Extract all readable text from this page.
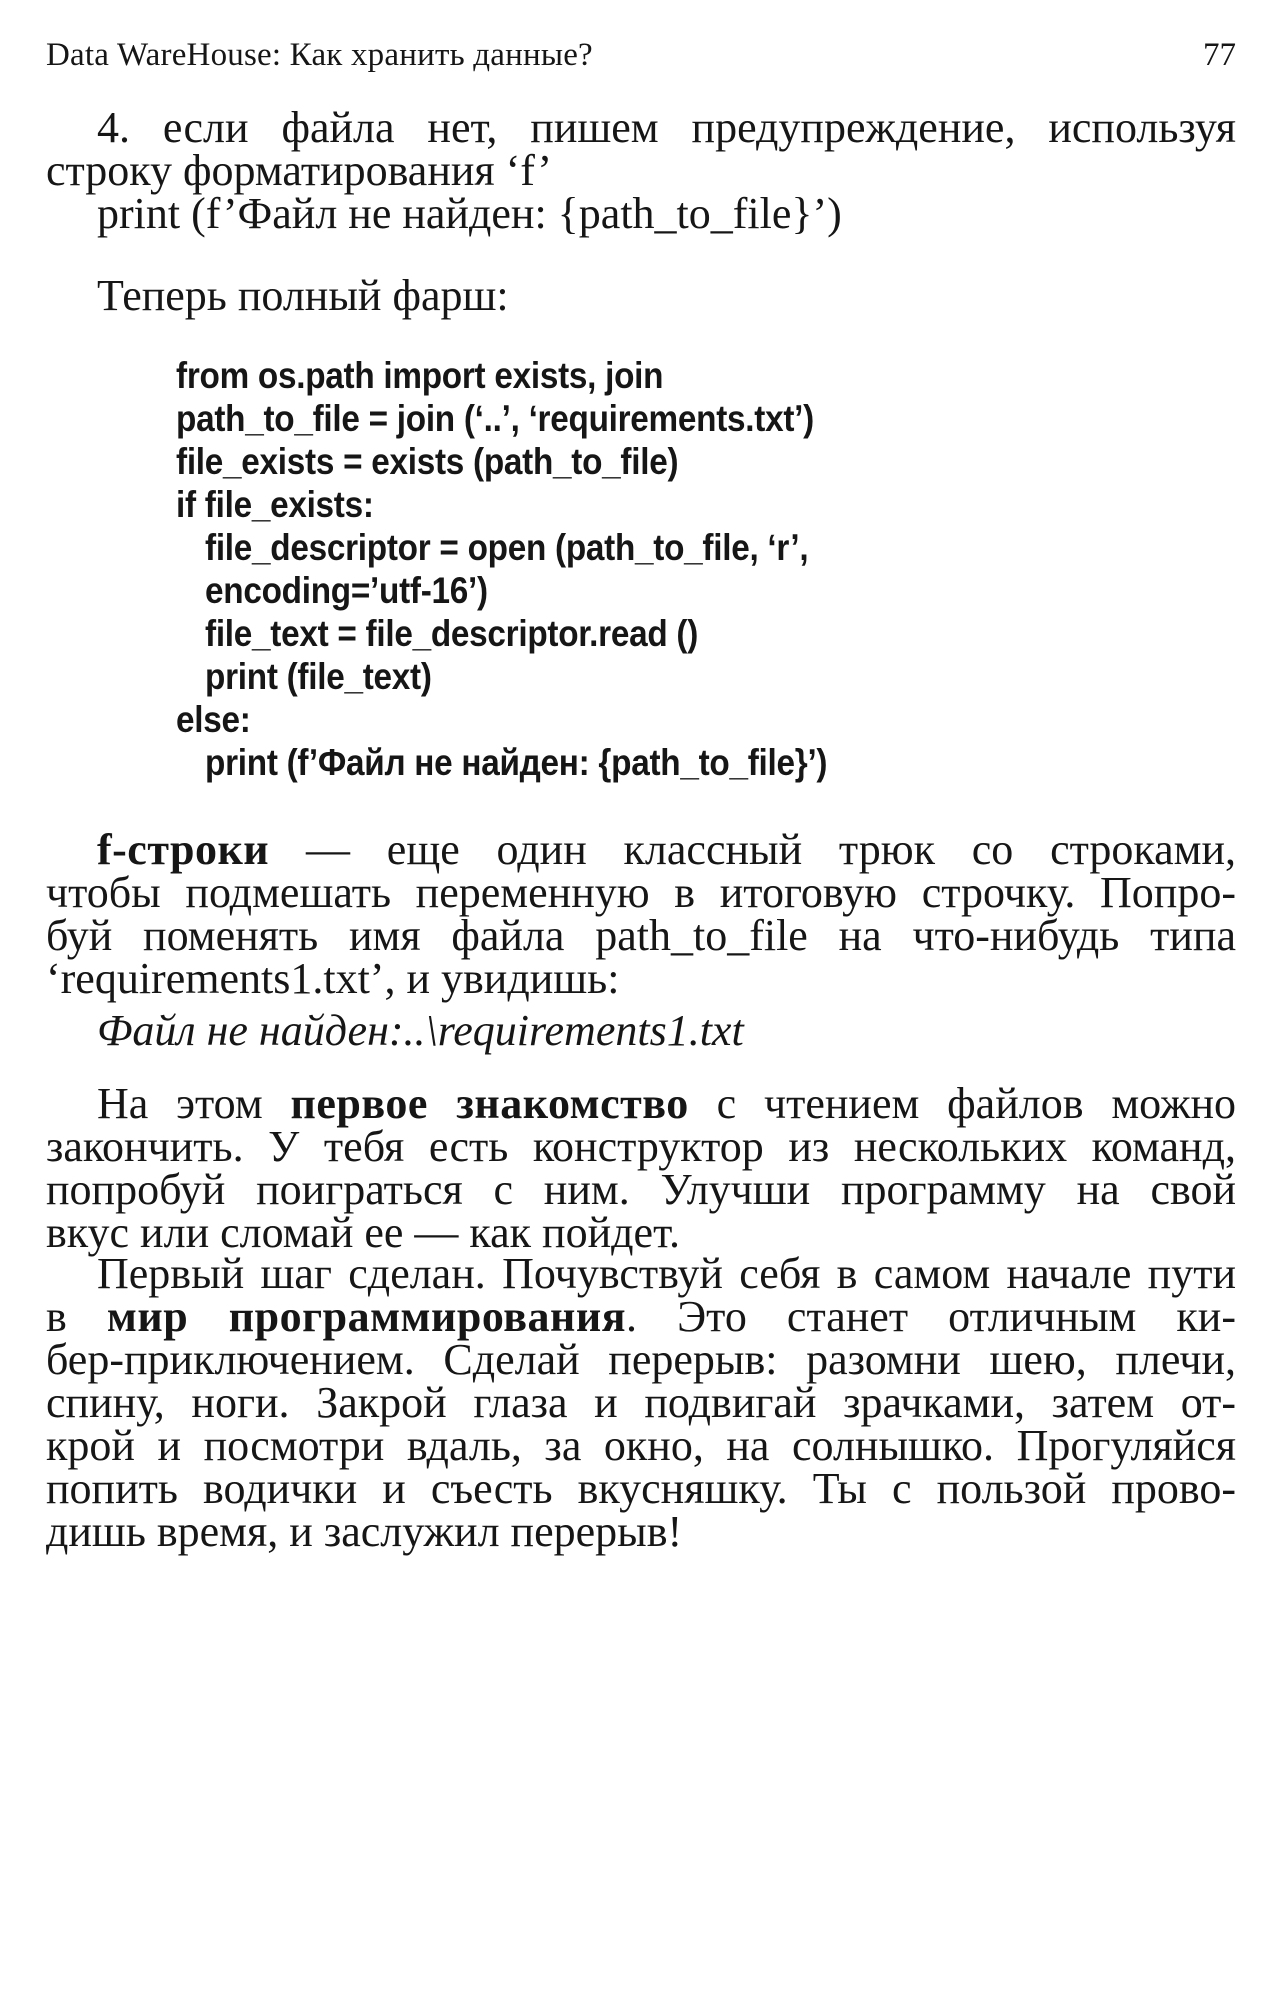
Data WareHouse: Как хранить данные?	77
4. если файла нет, пишем предупреждение, используя
строку форматирования ‘f’
print (f’Файл не найден: {path_to_file}’)
Теперь полный фарш:
from os.path import exists, join
path_to_file = join (‘..’, ‘requirements.txt’)
file_exists = exists (path_to_file)
if file_exists:
file_descriptor = open (path_to_file, ‘r’,
encoding=’utf-16’)
file_text = file_descriptor.read ()
print (file_text)
else:
print (f’Файл не найден: {path_to_file}’)
f-строки — еще один классный трюк со строками,
чтобы подмешать переменную в итоговую строчку. Попро-
буй поменять имя файла path_to_file на что-нибудь типа
‘requirements1.txt’, и увидишь:
Файл не найден:..\requirements1.txt
На этом первое знакомство с чтением файлов можно
закончить. У тебя есть конструктор из нескольких команд,
попробуй поиграться с ним. Улучши программу на свой
вкус или сломай ее — как пойдет.
Первый шаг сделан. Почувствуй себя в самом начале пути
в мир программирования. Это станет отличным ки-
бер-приключением. Сделай перерыв: разомни шею, плечи,
спину, ноги. Закрой глаза и подвигай зрачками, затем от-
крой и посмотри вдаль, за окно, на солнышко. Прогуляйся
попить водички и съесть вкусняшку. Ты с пользой прово-
дишь время, и заслужил перерыв!
